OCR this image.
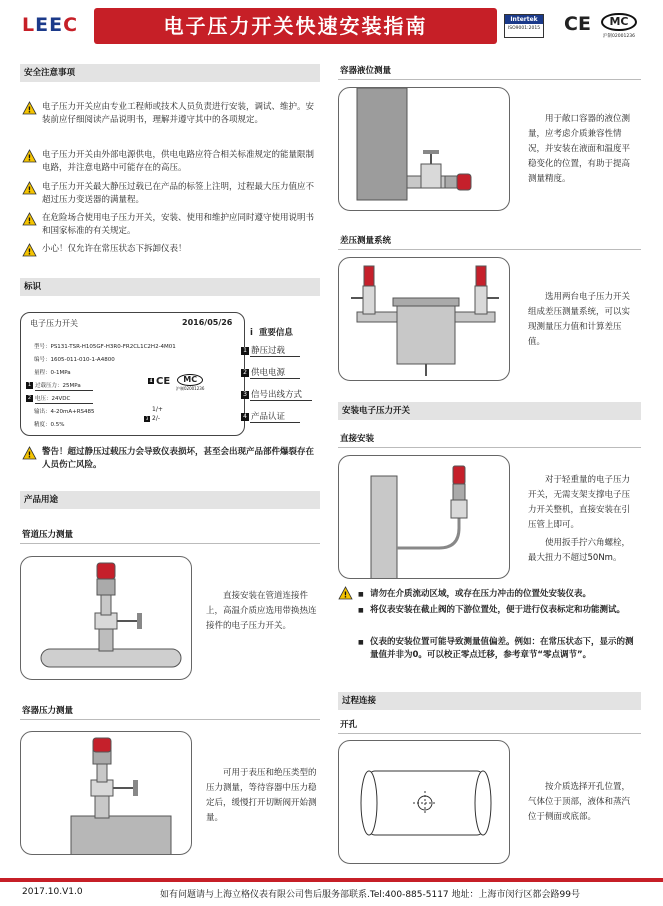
LEEC	电子压力开关快速安装指南	Intertek
ISO9001:2015 CE	MC
沪制02001236
安全注意事项
! 电子压力开关应由专业工程师或技术人员负责进行安装，调试、维护。安装前应仔细阅读产品说明书，理解并遵守其中的各项规定。
! 电子压力开关由外部电源供电，供电电路应符合相关标准规定的能量限制电路，并注意电路中可能存在的高压。
! 电子压力开关最大静压过载已在产品的标签上注明，过程最大压力值应不超过压力变送器的满量程。
! 在危险场合使用电子压力开关，安装、使用和维护应同时遵守使用说明书和国家标准的有关规定。
! 小心！仅允许在常压状态下拆卸仪表！
标识
电子压力开关	2016/05/26
型号：PS131-TSR-H105GF-H3R0-FR2CL1C2H2-4M01
编号：1605-011-010-1-A4800
量程：0-1MPa
1 过载压力：25MPa
2 电压：24VDC
输出：4-20mA+RS485
精度：0.5%
4 CE	MC
沪制02001236
1/+
3 2/-
i 重要信息
1 静压过载
2 供电电源
3 信号出线方式
4 产品认证
! 警告！超过静压过载压力会导致仪表损坏，甚至会出现产品部件爆裂存在人员伤亡风险。
产品用途
管道压力测量
直接安装在管道连接件上，高温介质应选用带换热连接件的电子压力开关。
容器压力测量
可用于表压和绝压类型的压力测量，等待容器中压力稳定后，缓慢打开切断阀开始测量。
容器液位测量
用于敞口容器的液位测量，应考虑介质兼容性情况，并安装在液面和温度平稳变化的位置，有助于提高测量精度。
差压测量系统
选用两台电子压力开关组成差压测量系统，可以实现测量压力值和计算差压值。
安装电子压力开关
直接安装
对于轻重量的电子压力开关，无需支架支撑电子压力开关整机，直接安装在引压管上即可。
使用扳手拧六角螺栓，最大扭力不超过50Nm。
! ■ 请勿在介质流动区域，或存在压力冲击的位置处安装仪表。
■ 将仪表安装在截止阀的下游位置处，便于进行仪表标定和功能测试。
■ 仪表的安装位置可能导致测量值偏差。例如：在常压状态下，显示的测量值并非为0。可以校正零点迁移，参考章节“零点调节”。
过程连接
开孔
按介质选择开孔位置，气体位于顶部，液体和蒸汽位于侧面或底部。
2017.10.V1.0	如有问题请与上海立格仪表有限公司售后服务部联系.Tel:400-885-5117 地址：上海市闵行区都会路99号
